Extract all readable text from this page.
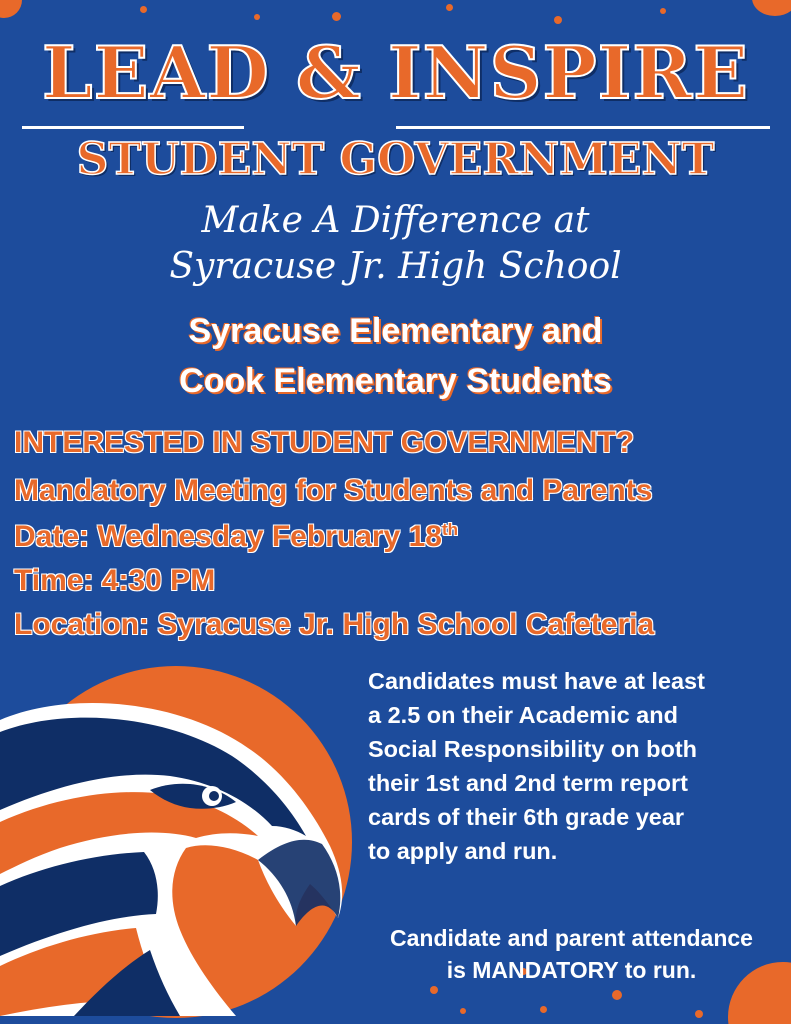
LEAD & INSPIRE
STUDENT GOVERNMENT
Make A Difference at
Syracuse Jr. High School
Syracuse Elementary and
Cook Elementary Students
INTERESTED IN STUDENT GOVERNMENT?
Mandatory Meeting for Students and Parents
Date: Wednesday February 18th
Time: 4:30 PM
Location: Syracuse Jr. High School Cafeteria
Candidates must have at least
a 2.5 on their Academic and
Social Responsibility on both
their 1st and 2nd term report
cards of their 6th grade year
to apply and run.
Candidate and parent attendance
is MANDATORY to run.
